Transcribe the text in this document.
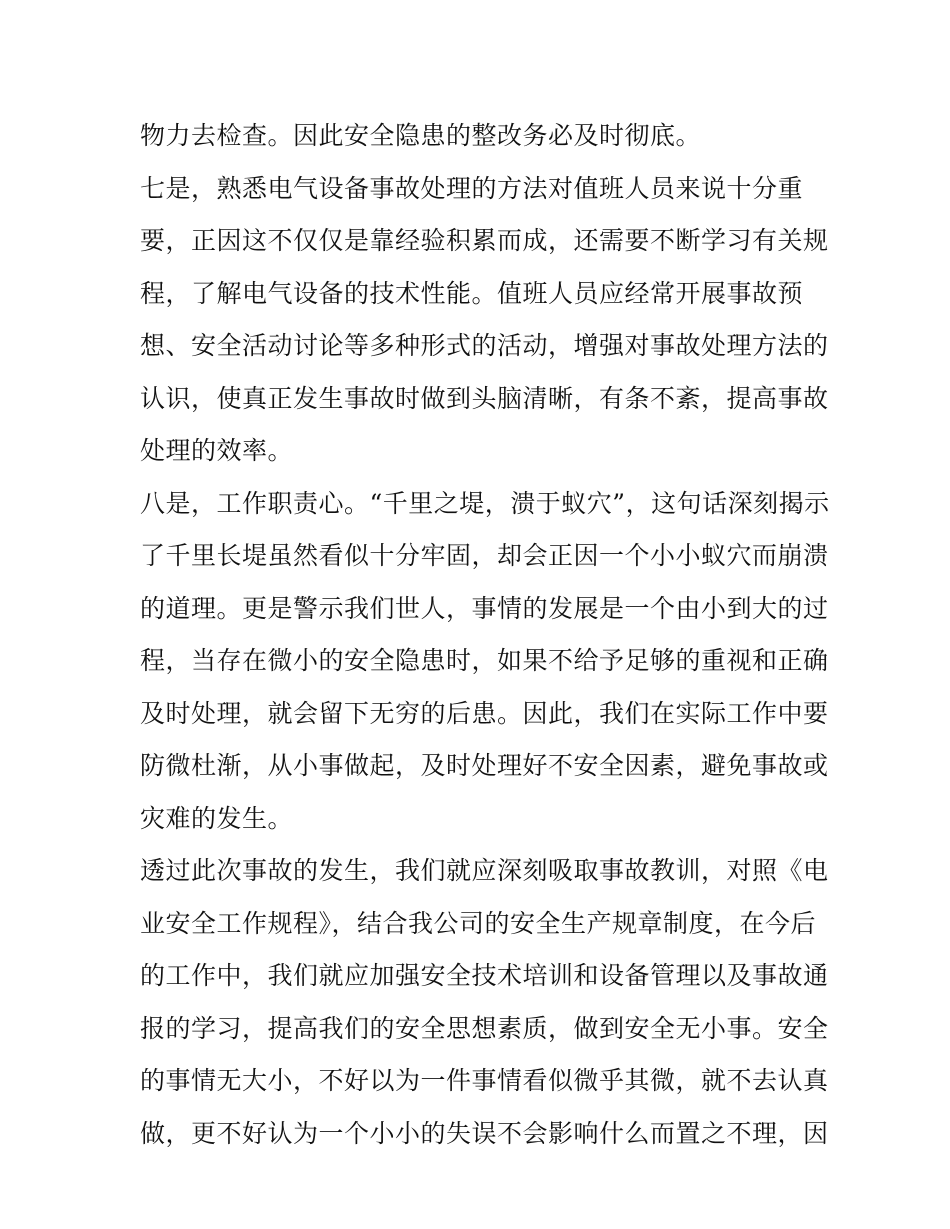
物力去检查。因此安全隐患的整改务必及时彻底。
七是，熟悉电气设备事故处理的方法对值班人员来说十分重
要，正因这不仅仅是靠经验积累而成，还需要不断学习有关规
程，了解电气设备的技术性能。值班人员应经常开展事故预
想、安全活动讨论等多种形式的活动，增强对事故处理方法的
认识，使真正发生事故时做到头脑清晰，有条不紊，提高事故
处理的效率。
八是，工作职责心。“千里之堤，溃于蚁穴”，这句话深刻揭示
了千里长堤虽然看似十分牢固，却会正因一个小小蚁穴而崩溃
的道理。更是警示我们世人，事情的发展是一个由小到大的过
程，当存在微小的安全隐患时，如果不给予足够的重视和正确
及时处理，就会留下无穷的后患。因此，我们在实际工作中要
防微杜渐，从小事做起，及时处理好不安全因素，避免事故或
灾难的发生。
透过此次事故的发生，我们就应深刻吸取事故教训，对照《电
业安全工作规程》，结合我公司的安全生产规章制度，在今后
的工作中，我们就应加强安全技术培训和设备管理以及事故通
报的学习，提高我们的安全思想素质，做到安全无小事。安全
的事情无大小，不好以为一件事情看似微乎其微，就不去认真
做，更不好认为一个小小的失误不会影响什么而置之不理，因
